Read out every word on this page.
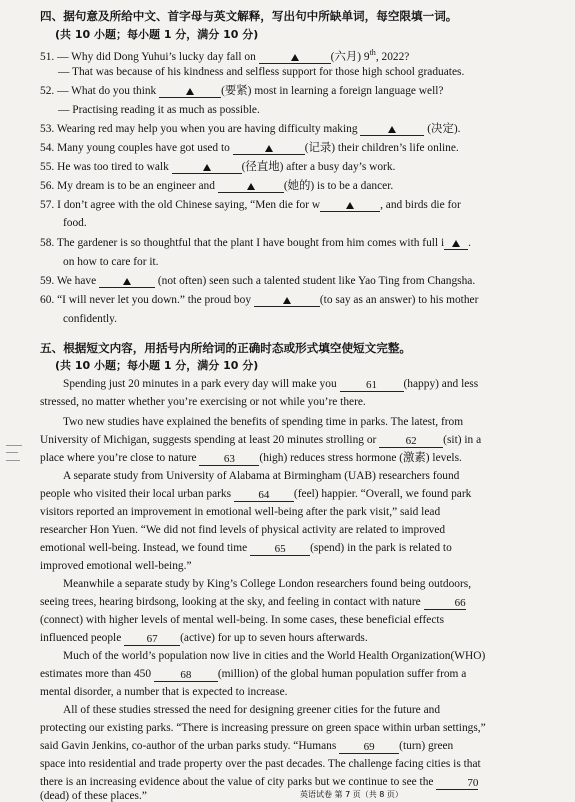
四、据句意及所给中文、首字母与英文解释，写出句中所缺单词，每空限填一词。
(共 10 小题；每小题 1 分，满分 10 分)
51. — Why did Dong Yuhui’s lucky day fall on	(六月) 9th, 2022?
— That was because of his kindness and selfless support for those high school graduates.
52. — What do you think	(要紧) most in learning a foreign language well?
— Practising reading it as much as possible.
53. Wearing red may help you when you are having difficulty making	(决定).
54. Many young couples have got used to	(记录) their children’s life online.
55. He was too tired to walk	(径直地) after a busy day’s work.
56. My dream is to be an engineer and	(她的) is to be a dancer.
57. I don’t agree with the old Chinese saying, “Men die for w	, and birds die for
food.
58. The gardener is so thoughtful that the plant I have bought from him comes with full i .
on how to care for it.
59. We have	(not often) seen such a talented student like Yao Ting from Changsha.
60. “I will never let you down.” the proud boy	(to say as an answer) to his mother
confidently.
五、根据短文内容，用括号内所给词的正确时态或形式填空使短文完整。
(共 10 小题；每小题 1 分，满分 10 分)
Spending just 20 minutes in a park every day will make you	61 (happy) and less
stressed, no matter whether you’re exercising or not while you’re there.
Two new studies have explained the benefits of spending time in parks. The latest, from
University of Michigan, suggests spending at least 20 minutes strolling or	62 (sit) in a
place where you’re close to nature 63 (high) reduces stress hormone (激素) levels.
A separate study from University of Alabama at Birmingham (UAB) researchers found
people who visited their local urban parks 64 (feel) happier. “Overall, we found park
visitors reported an improvement in emotional well-being after the park visit,” said lead
researcher Hon Yuen. “We did not find levels of physical activity are related to improved
emotional well-being. Instead, we found time 65 (spend) in the park is related to
improved emotional well-being.”
Meanwhile a separate study by King’s College London researchers found being outdoors,
seeing trees, hearing birdsong, looking at the sky, and feeling in contact with nature	66
(connect) with higher levels of mental well-being. In some cases, these beneficial effects
influenced people 67 (active) for up to seven hours afterwards.
Much of the world’s population now live in cities and the World Health Organization(WHO)
estimates more than 450	68 (million) of the global human population suffer from a
mental disorder, a number that is expected to increase.
All of these studies stressed the need for designing greener cities for the future and
protecting our existing parks. “There is increasing pressure on green space within urban settings,”
said Gavin Jenkins, co-author of the urban parks study. “Humans 69 (turn) green
space into residential and trade property over the past decades. The challenge facing cities is that
there is an increasing evidence about the value of city parks but we continue to see the	70
(dead) of these places.”	英语试卷 第 7 页（共 8 页）
